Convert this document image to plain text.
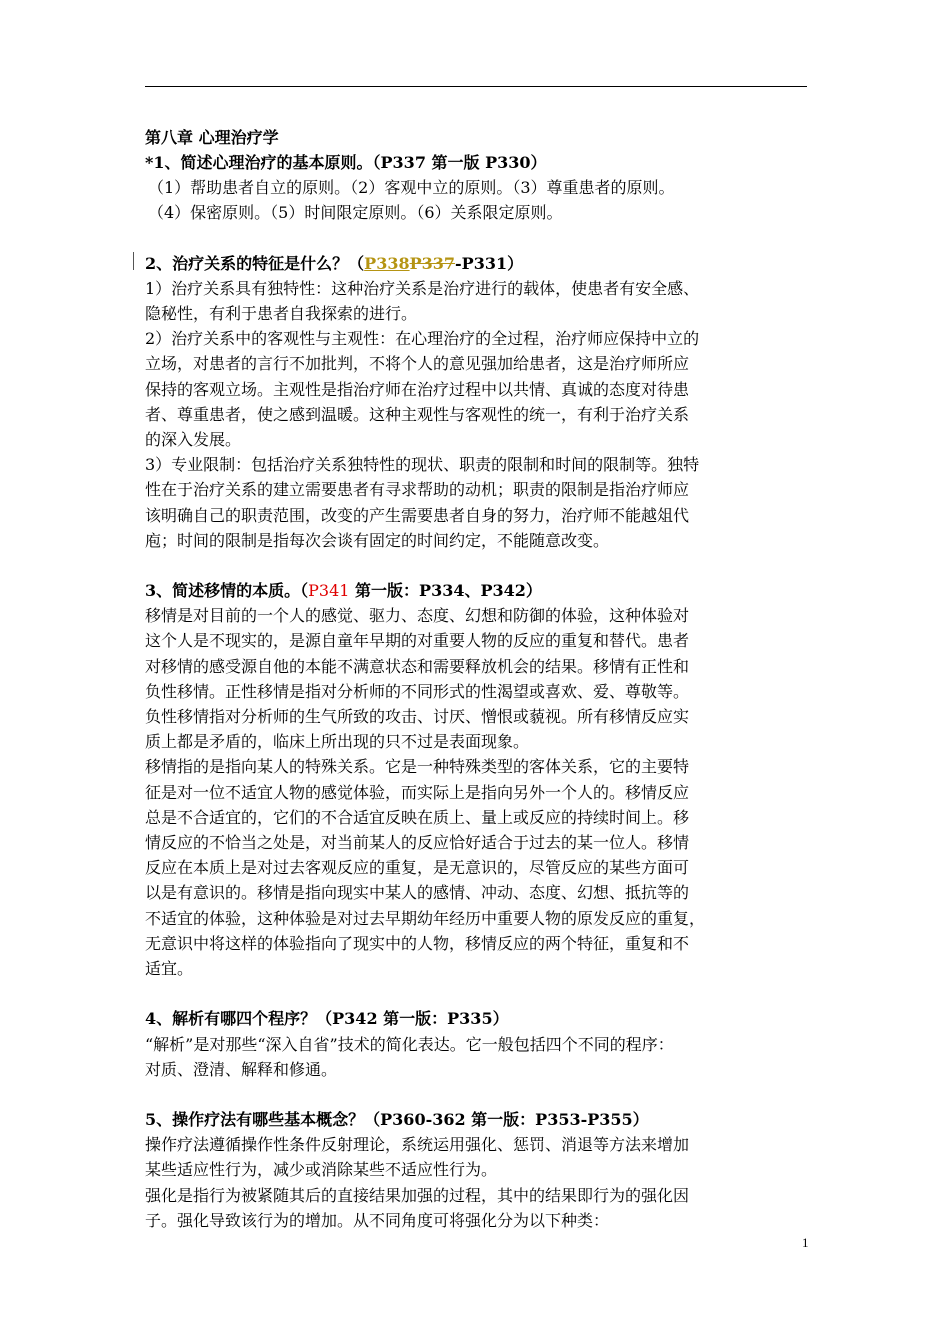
第八章 心理治疗学
*1、简述心理治疗的基本原则。（P337 第一版 P330）
（1）帮助患者自立的原则。（2）客观中立的原则。（3）尊重患者的原则。
（4）保密原则。（5）时间限定原则。（6）关系限定原则。
2、治疗关系的特征是什么？（P338P337-P331）
1）治疗关系具有独特性：这种治疗关系是治疗进行的载体，使患者有安全感、
隐秘性，有利于患者自我探索的进行。
2）治疗关系中的客观性与主观性：在心理治疗的全过程，治疗师应保持中立的
立场，对患者的言行不加批判，不将个人的意见强加给患者，这是治疗师所应
保持的客观立场。主观性是指治疗师在治疗过程中以共情、真诚的态度对待患
者、尊重患者，使之感到温暖。这种主观性与客观性的统一，有利于治疗关系
的深入发展。
3）专业限制：包括治疗关系独特性的现状、职责的限制和时间的限制等。独特
性在于治疗关系的建立需要患者有寻求帮助的动机；职责的限制是指治疗师应
该明确自己的职责范围，改变的产生需要患者自身的努力，治疗师不能越俎代
庖；时间的限制是指每次会谈有固定的时间约定，不能随意改变。
3、简述移情的本质。（P341 第一版：P334、P342）
移情是对目前的一个人的感觉、驱力、态度、幻想和防御的体验，这种体验对
这个人是不现实的，是源自童年早期的对重要人物的反应的重复和替代。患者
对移情的感受源自他的本能不满意状态和需要释放机会的结果。移情有正性和
负性移情。正性移情是指对分析师的不同形式的性渴望或喜欢、爱、尊敬等。
负性移情指对分析师的生气所致的攻击、讨厌、憎恨或藐视。所有移情反应实
质上都是矛盾的，临床上所出现的只不过是表面现象。
移情指的是指向某人的特殊关系。它是一种特殊类型的客体关系，它的主要特
征是对一位不适宜人物的感觉体验，而实际上是指向另外一个人的。移情反应
总是不合适宜的，它们的不合适宜反映在质上、量上或反应的持续时间上。移
情反应的不恰当之处是，对当前某人的反应恰好适合于过去的某一位人。移情
反应在本质上是对过去客观反应的重复，是无意识的，尽管反应的某些方面可
以是有意识的。移情是指向现实中某人的感情、冲动、态度、幻想、抵抗等的
不适宜的体验，这种体验是对过去早期幼年经历中重要人物的原发反应的重复，
无意识中将这样的体验指向了现实中的人物，移情反应的两个特征，重复和不
适宜。
4、解析有哪四个程序？（P342 第一版：P335）
“解析”是对那些“深入自省”技术的简化表达。它一般包括四个不同的程序：
对质、澄清、解释和修通。
5、操作疗法有哪些基本概念？（P360-362 第一版：P353-P355）
操作疗法遵循操作性条件反射理论，系统运用强化、惩罚、消退等方法来增加
某些适应性行为，减少或消除某些不适应性行为。
强化是指行为被紧随其后的直接结果加强的过程，其中的结果即行为的强化因
子。强化导致该行为的增加。从不同角度可将强化分为以下种类：
1
